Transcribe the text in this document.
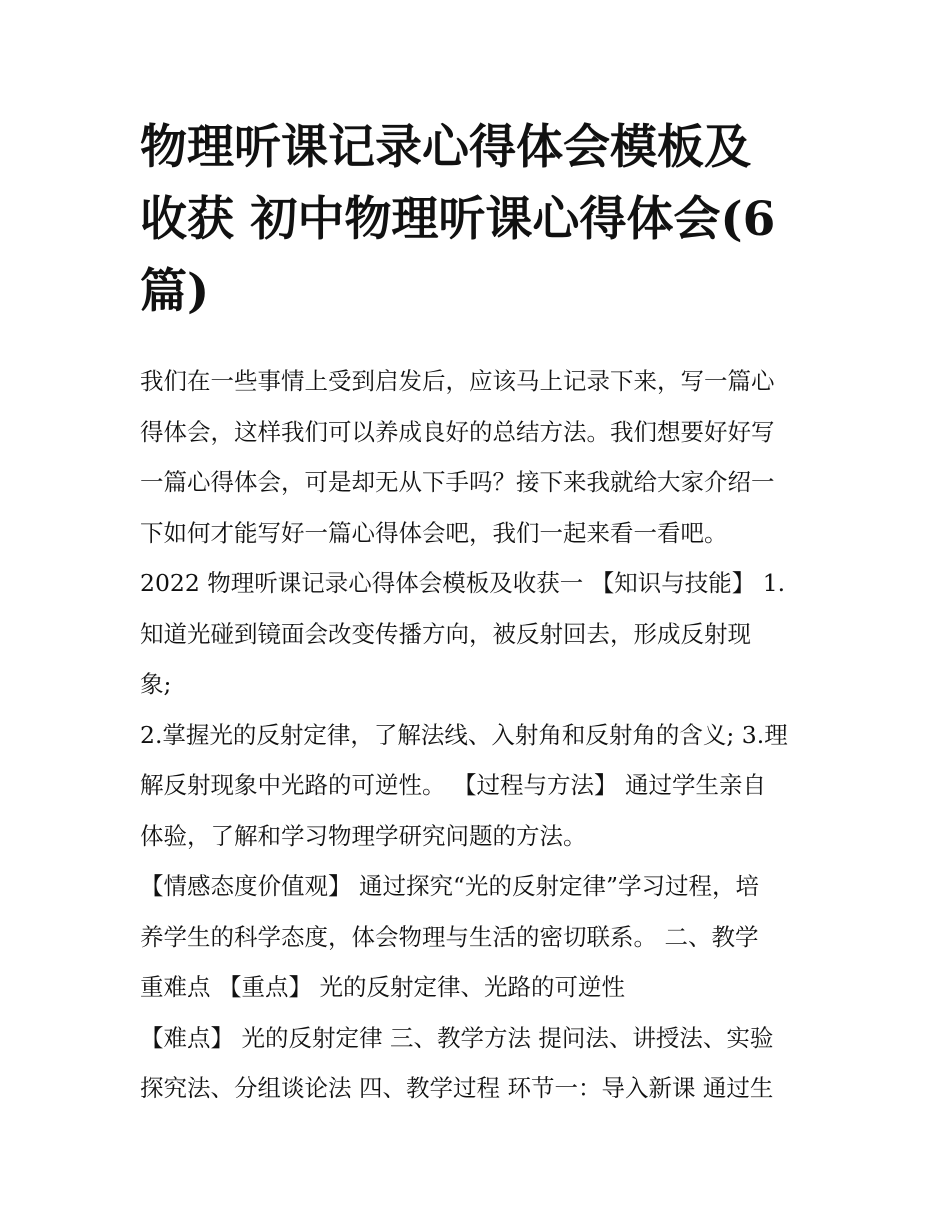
物理听课记录心得体会模板及
收获 初中物理听课心得体会(6
篇)
我们在一些事情上受到启发后，应该马上记录下来，写一篇心
得体会，这样我们可以养成良好的总结方法。我们想要好好写
一篇心得体会，可是却无从下手吗？接下来我就给大家介绍一
下如何才能写好一篇心得体会吧，我们一起来看一看吧。
2022 物理听课记录心得体会模板及收获一 【知识与技能】 1.
知道光碰到镜面会改变传播方向，被反射回去，形成反射现
象;
2.掌握光的反射定律，了解法线、入射角和反射角的含义; 3.理
解反射现象中光路的可逆性。 【过程与方法】 通过学生亲自
体验，了解和学习物理学研究问题的方法。
【情感态度价值观】 通过探究“光的反射定律”学习过程，培
养学生的科学态度，体会物理与生活的密切联系。 二、教学
重难点 【重点】 光的反射定律、光路的可逆性
【难点】 光的反射定律 三、教学方法 提问法、讲授法、实验
探究法、分组谈论法 四、教学过程 环节一：导入新课 通过生
